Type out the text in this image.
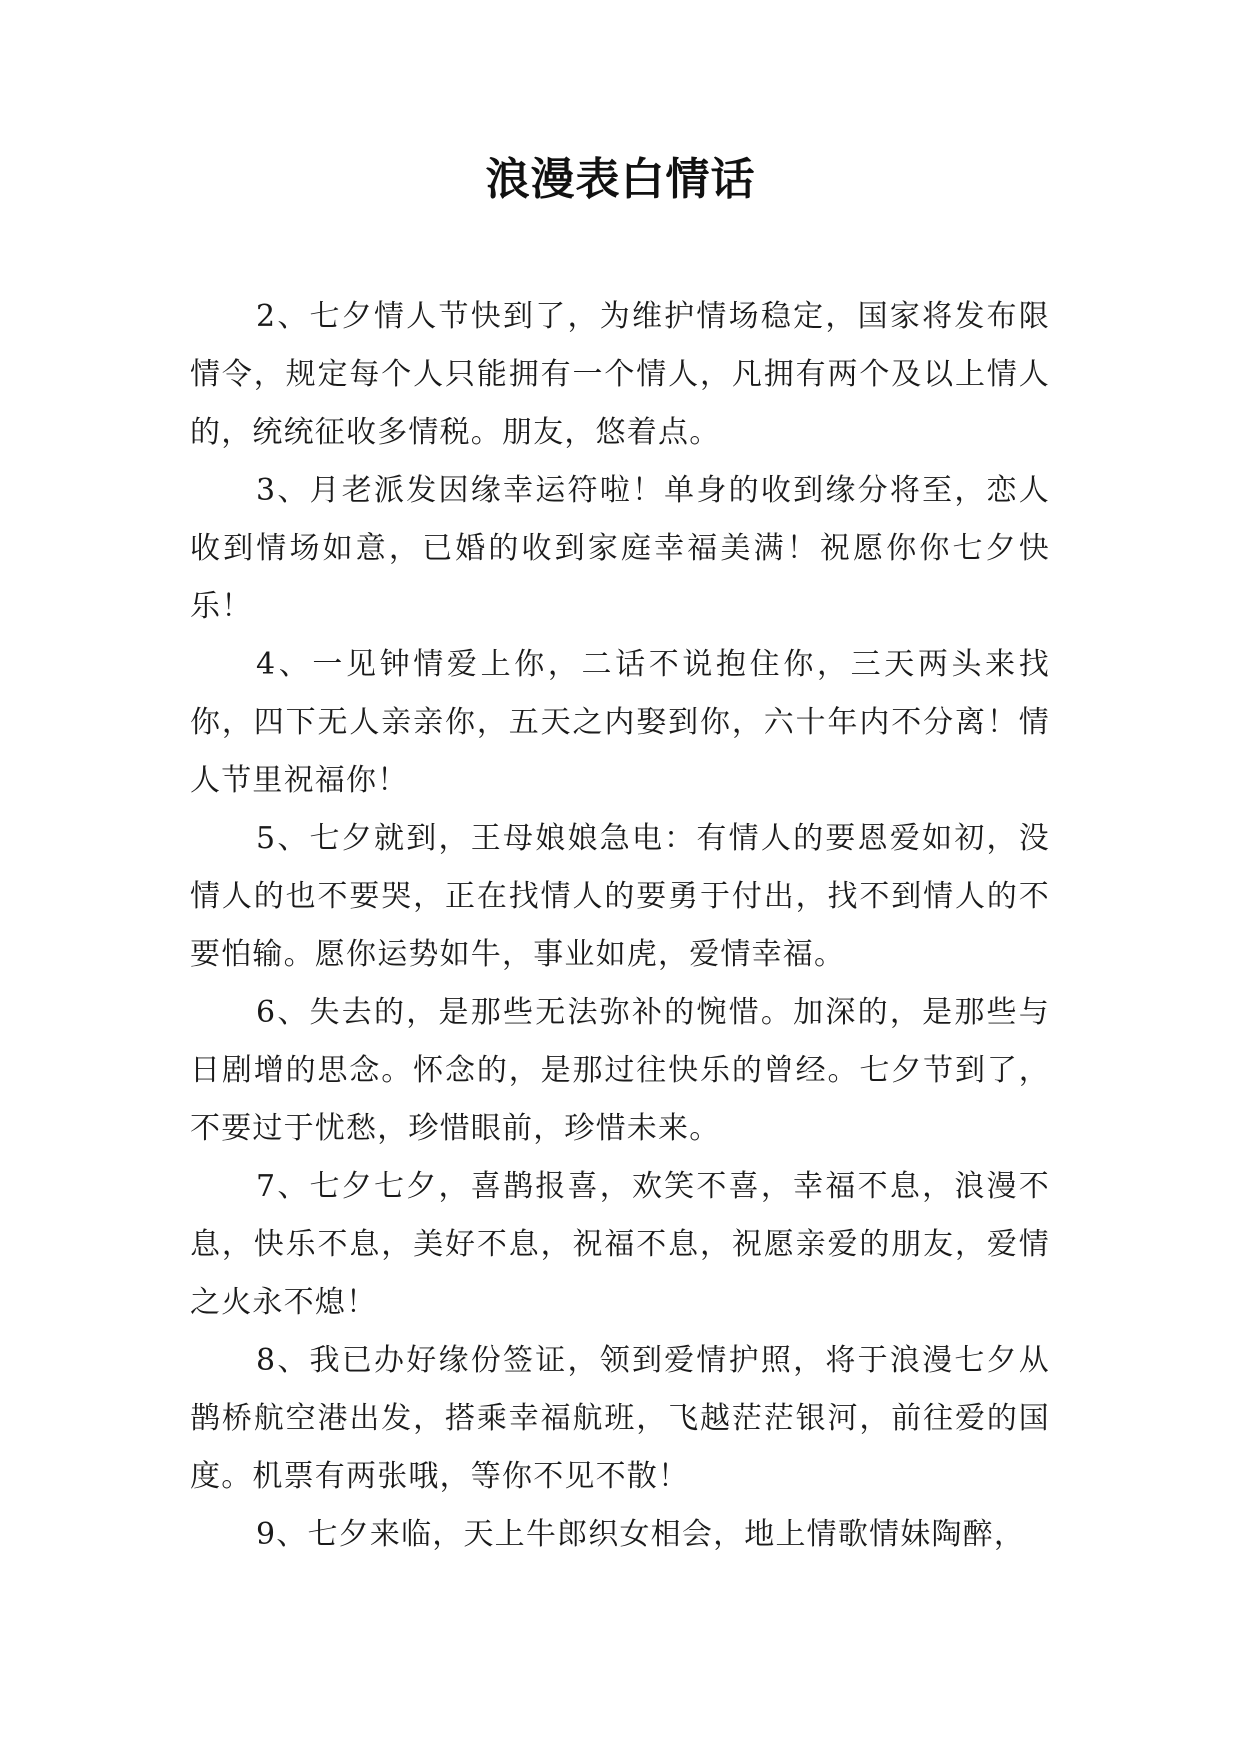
浪漫表白情话

2、七夕情人节快到了，为维护情场稳定，国家将发布限情令，规定每个人只能拥有一个情人，凡拥有两个及以上情人的，统统征收多情税。朋友，悠着点。

3、月老派发因缘幸运符啦！单身的收到缘分将至，恋人收到情场如意，已婚的收到家庭幸福美满！祝愿你你七夕快乐！

4、一见钟情爱上你，二话不说抱住你，三天两头来找你，四下无人亲亲你，五天之内娶到你，六十年内不分离！情人节里祝福你！

5、七夕就到，王母娘娘急电：有情人的要恩爱如初，没情人的也不要哭，正在找情人的要勇于付出，找不到情人的不要怕输。愿你运势如牛，事业如虎，爱情幸福。

6、失去的，是那些无法弥补的惋惜。加深的，是那些与日剧增的思念。怀念的，是那过往快乐的曾经。七夕节到了，不要过于忧愁，珍惜眼前，珍惜未来。

7、七夕七夕，喜鹊报喜，欢笑不喜，幸福不息，浪漫不息，快乐不息，美好不息，祝福不息，祝愿亲爱的朋友，爱情之火永不熄！

8、我已办好缘份签证，领到爱情护照，将于浪漫七夕从鹊桥航空港出发，搭乘幸福航班，飞越茫茫银河，前往爱的国度。机票有两张哦，等你不见不散！

9、七夕来临，天上牛郎织女相会，地上情歌情妹陶醉，
